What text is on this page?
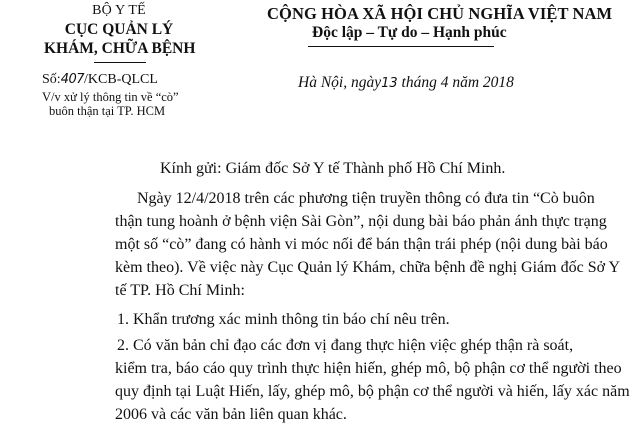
BỘ Y TẾ
CỤC QUẢN LÝ
KHÁM, CHỮA BỆNH
Số:407/KCB-QLCL
V/v xử lý thông tin về “cò”
buôn thận tại TP. HCM
CỘNG HÒA XÃ HỘI CHỦ NGHĨA VIỆT NAM
Độc lập – Tự do – Hạnh phúc
Hà Nội, ngày13 tháng 4 năm 2018
Kính gửi: Giám đốc Sở Y tế Thành phố Hồ Chí Minh.
Ngày 12/4/2018 trên các phương tiện truyền thông có đưa tin “Cò buôn
thận tung hoành ở bệnh viện Sài Gòn”, nội dung bài báo phản ánh thực trạng
một số “cò” đang có hành vi móc nối để bán thận trái phép (nội dung bài báo
kèm theo). Về việc này Cục Quản lý Khám, chữa bệnh đề nghị Giám đốc Sở Y
tế TP. Hồ Chí Minh:
1. Khẩn trương xác minh thông tin báo chí nêu trên.
2. Có văn bản chỉ đạo các đơn vị đang thực hiện việc ghép thận rà soát,
kiểm tra, báo cáo quy trình thực hiện hiến, ghép mô, bộ phận cơ thể người theo
quy định tại Luật Hiến, lấy, ghép mô, bộ phận cơ thể người và hiến, lấy xác năm
2006 và các văn bản liên quan khác.
